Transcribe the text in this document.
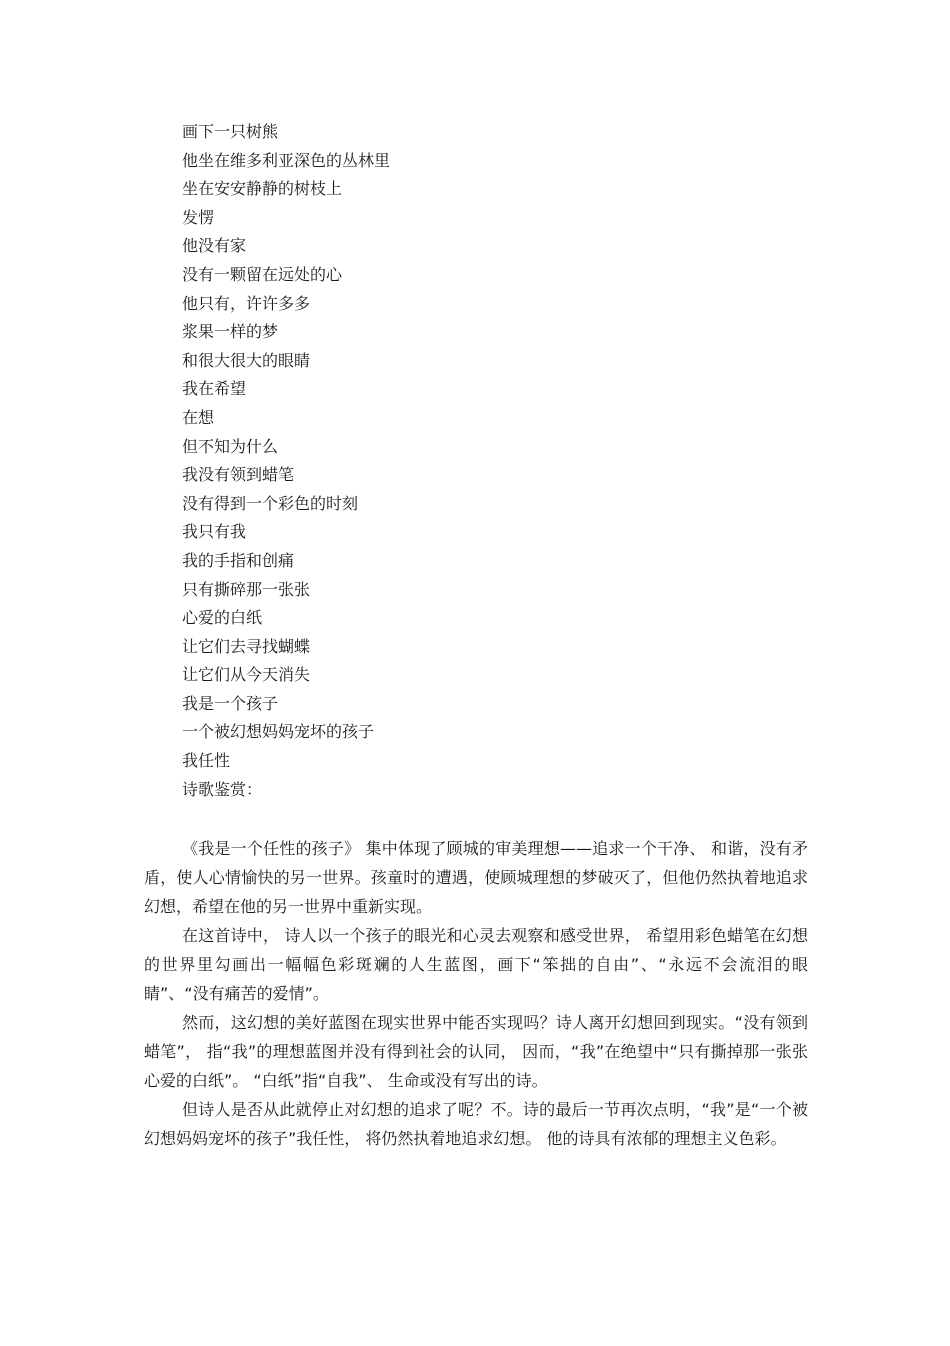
画下一只树熊
他坐在维多利亚深色的丛林里
坐在安安静静的树枝上
发愣
他没有家
没有一颗留在远处的心
他只有，许许多多
浆果一样的梦
和很大很大的眼睛
我在希望
在想
但不知为什么
我没有领到蜡笔
没有得到一个彩色的时刻
我只有我
我的手指和创痛
只有撕碎那一张张
心爱的白纸
让它们去寻找蝴蝶
让它们从今天消失
我是一个孩子
一个被幻想妈妈宠坏的孩子
我任性
诗歌鉴赏：

《我是一个任性的孩子》 集中体现了顾城的审美理想——追求一个干净、 和谐，没有矛盾，使人心情愉快的另一世界。孩童时的遭遇，使顾城理想的梦破灭了，但他仍然执着地追求幻想，希望在他的另一世界中重新实现。

在这首诗中， 诗人以一个孩子的眼光和心灵去观察和感受世界， 希望用彩色蜡笔在幻想的世界里勾画出一幅幅色彩斑斓的人生蓝图，画下“笨拙的自由”、“永远不会流泪的眼睛”、“没有痛苦的爱情”。

然而，这幻想的美好蓝图在现实世界中能否实现吗？诗人离开幻想回到现实。“没有领到蜡笔”， 指“我”的理想蓝图并没有得到社会的认同， 因而，“我”在绝望中“只有撕掉那一张张心爱的白纸”。 “白纸”指“自我”、 生命或没有写出的诗。

但诗人是否从此就停止对幻想的追求了呢？不。诗的最后一节再次点明，“我”是“一个被幻想妈妈宠坏的孩子”我任性， 将仍然执着地追求幻想。 他的诗具有浓郁的理想主义色彩。
